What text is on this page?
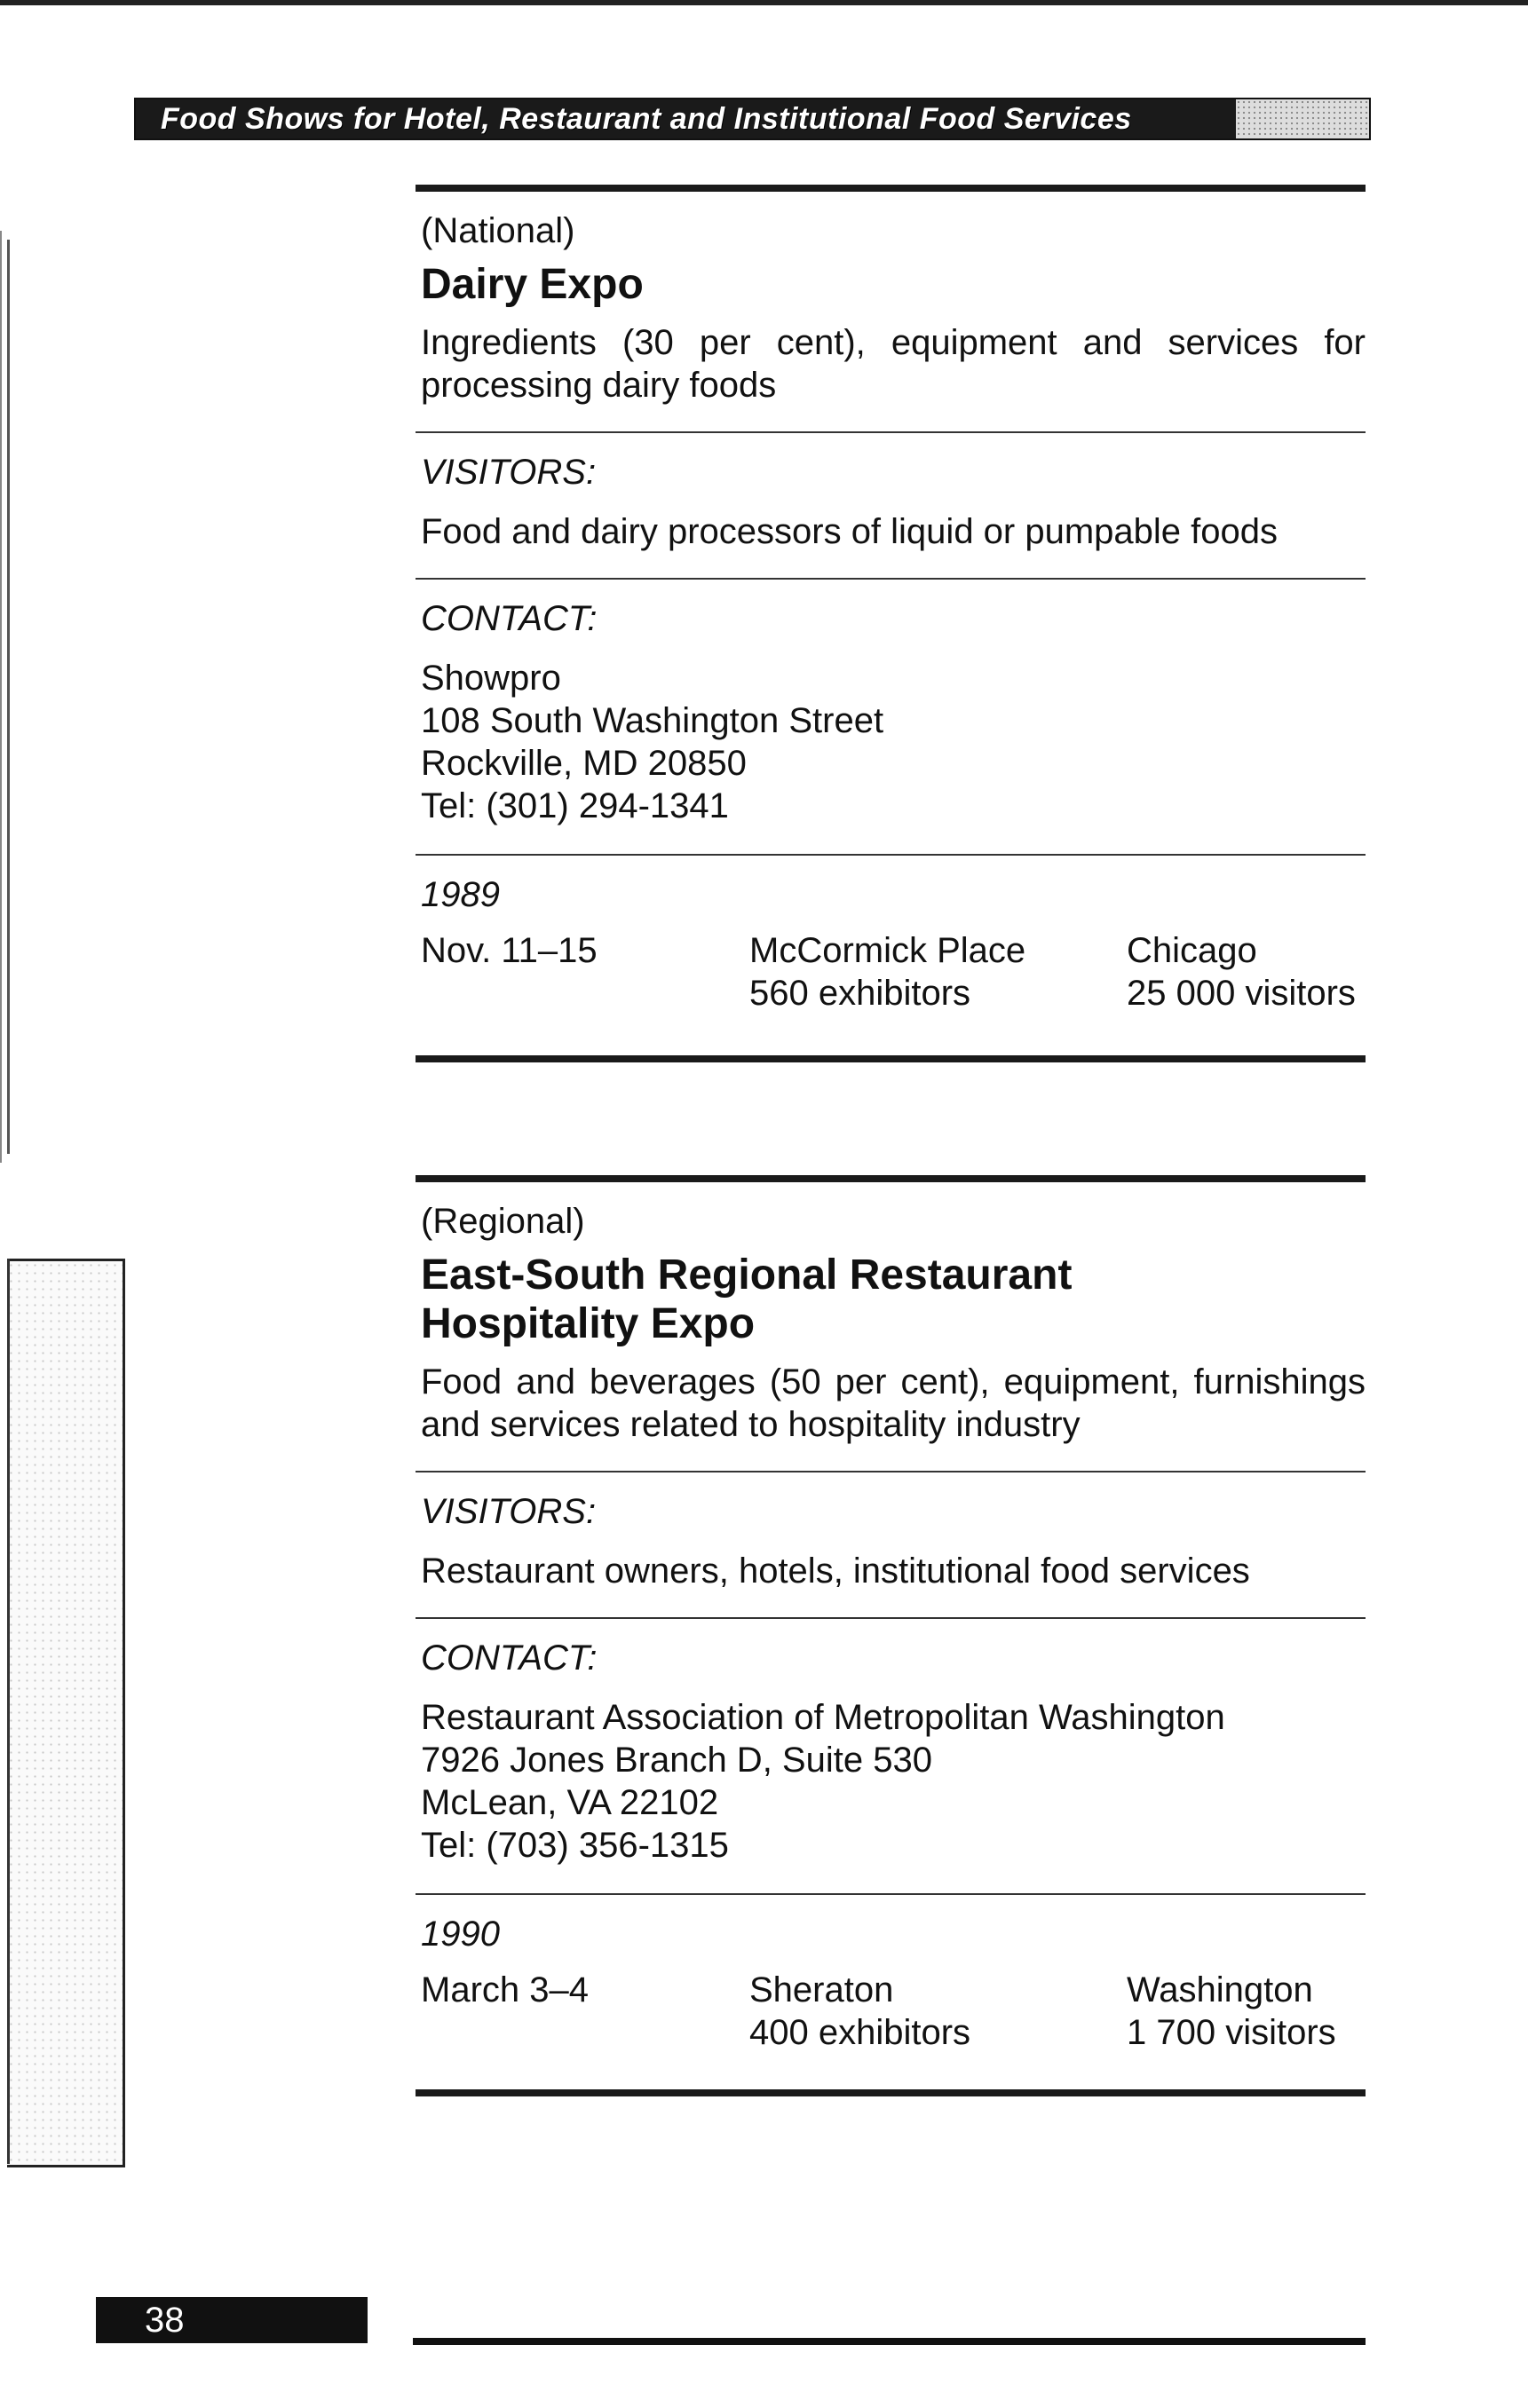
Food Shows for Hotel, Restaurant and Institutional Food Services
(National)
Dairy Expo
Ingredients (30 per cent), equipment and services for processing dairy foods
VISITORS:
Food and dairy processors of liquid or pumpable foods
CONTACT:
Showpro
108 South Washington Street
Rockville, MD 20850
Tel: (301) 294-1341
1989
Nov. 11–15	McCormick Place
560 exhibitors
Chicago
25 000 visitors
(Regional)
East-South Regional Restaurant Hospitality Expo
Food and beverages (50 per cent), equipment, furnishings and services related to hospitality industry
VISITORS:
Restaurant owners, hotels, institutional food services
CONTACT:
Restaurant Association of Metropolitan Washington
7926 Jones Branch D, Suite 530
McLean, VA 22102
Tel: (703) 356-1315
1990
March 3–4	Sheraton
400 exhibitors
Washington
1 700 visitors
38
